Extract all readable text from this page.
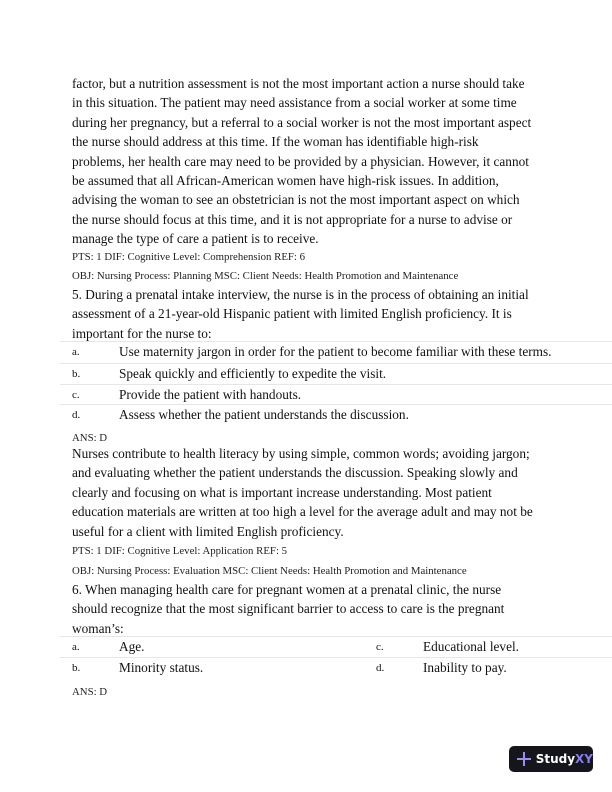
factor, but a nutrition assessment is not the most important action a nurse should take
in this situation. The patient may need assistance from a social worker at some time
during her pregnancy, but a referral to a social worker is not the most important aspect
the nurse should address at this time. If the woman has identifiable high-risk
problems, her health care may need to be provided by a physician. However, it cannot
be assumed that all African-American women have high-risk issues. In addition,
advising the woman to see an obstetrician is not the most important aspect on which
the nurse should focus at this time, and it is not appropriate for a nurse to advise or
manage the type of care a patient is to receive.
PTS: 1 DIF: Cognitive Level: Comprehension REF: 6
OBJ: Nursing Process: Planning MSC: Client Needs: Health Promotion and Maintenance
5. During a prenatal intake interview, the nurse is in the process of obtaining an initial
assessment of a 21-year-old Hispanic patient with limited English proficiency. It is
important for the nurse to:
a.	Use maternity jargon in order for the patient to become familiar with these terms.
b.	Speak quickly and efficiently to expedite the visit.
c.	Provide the patient with handouts.
d.	Assess whether the patient understands the discussion.
ANS: D
Nurses contribute to health literacy by using simple, common words; avoiding jargon;
and evaluating whether the patient understands the discussion. Speaking slowly and
clearly and focusing on what is important increase understanding. Most patient
education materials are written at too high a level for the average adult and may not be
useful for a client with limited English proficiency.
PTS: 1 DIF: Cognitive Level: Application REF: 5
OBJ: Nursing Process: Evaluation MSC: Client Needs: Health Promotion and Maintenance
6. When managing health care for pregnant women at a prenatal clinic, the nurse
should recognize that the most significant barrier to access to care is the pregnant
woman’s:
a.	Age.	c.	Educational level.
b.	Minority status.	d.	Inability to pay.
ANS: D
StudyXY
